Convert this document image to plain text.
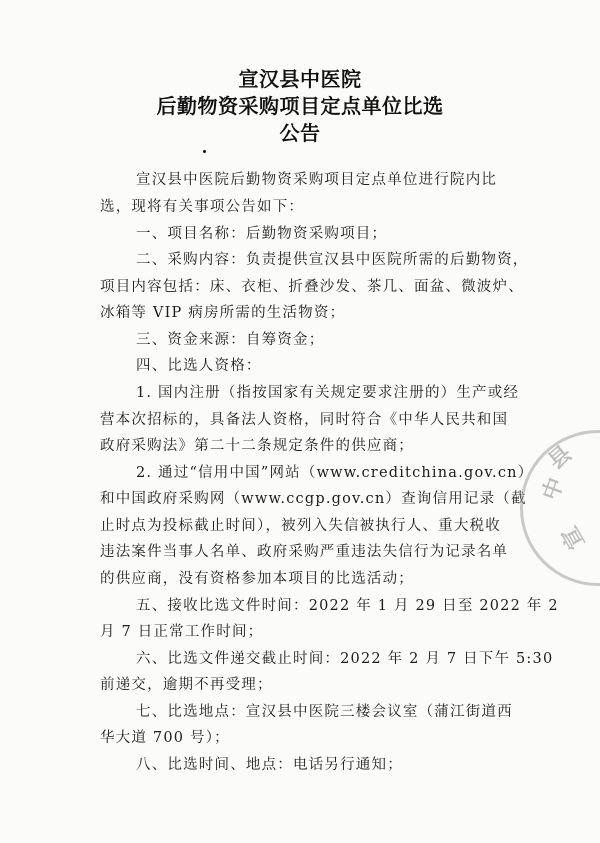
宣汉县中医院
后勤物资采购项目定点单位比选
公告
宣汉县中医院后勤物资采购项目定点单位进行院内比
选，现将有关事项公告如下：
一、项目名称：后勤物资采购项目；
二、采购内容：负责提供宣汉县中医院所需的后勤物资，
项目内容包括：床、衣柜、折叠沙发、茶几、面盆、微波炉、
冰箱等 VIP 病房所需的生活物资；
三、资金来源：自筹资金；
四、比选人资格：
1. 国内注册（指按国家有关规定要求注册的）生产或经
营本次招标的，具备法人资格，同时符合《中华人民共和国
政府采购法》第二十二条规定条件的供应商；
2. 通过“信用中国”网站（www.creditchina.gov.cn）
和中国政府采购网（www.ccgp.gov.cn）查询信用记录（截
止时点为投标截止时间），被列入失信被执行人、重大税收
违法案件当事人名单、政府采购严重违法失信行为记录名单
的供应商，没有资格参加本项目的比选活动；
五、接收比选文件时间：2022 年 1 月 29 日至 2022 年 2
月 7 日正常工作时间；
六、比选文件递交截止时间：2022 年 2 月 7 日下午 5:30
前递交，逾期不再受理；
七、比选地点：宣汉县中医院三楼会议室（蒲江街道西
华大道 700 号）；
八、比选时间、地点：电话另行通知；
县
中
宣
